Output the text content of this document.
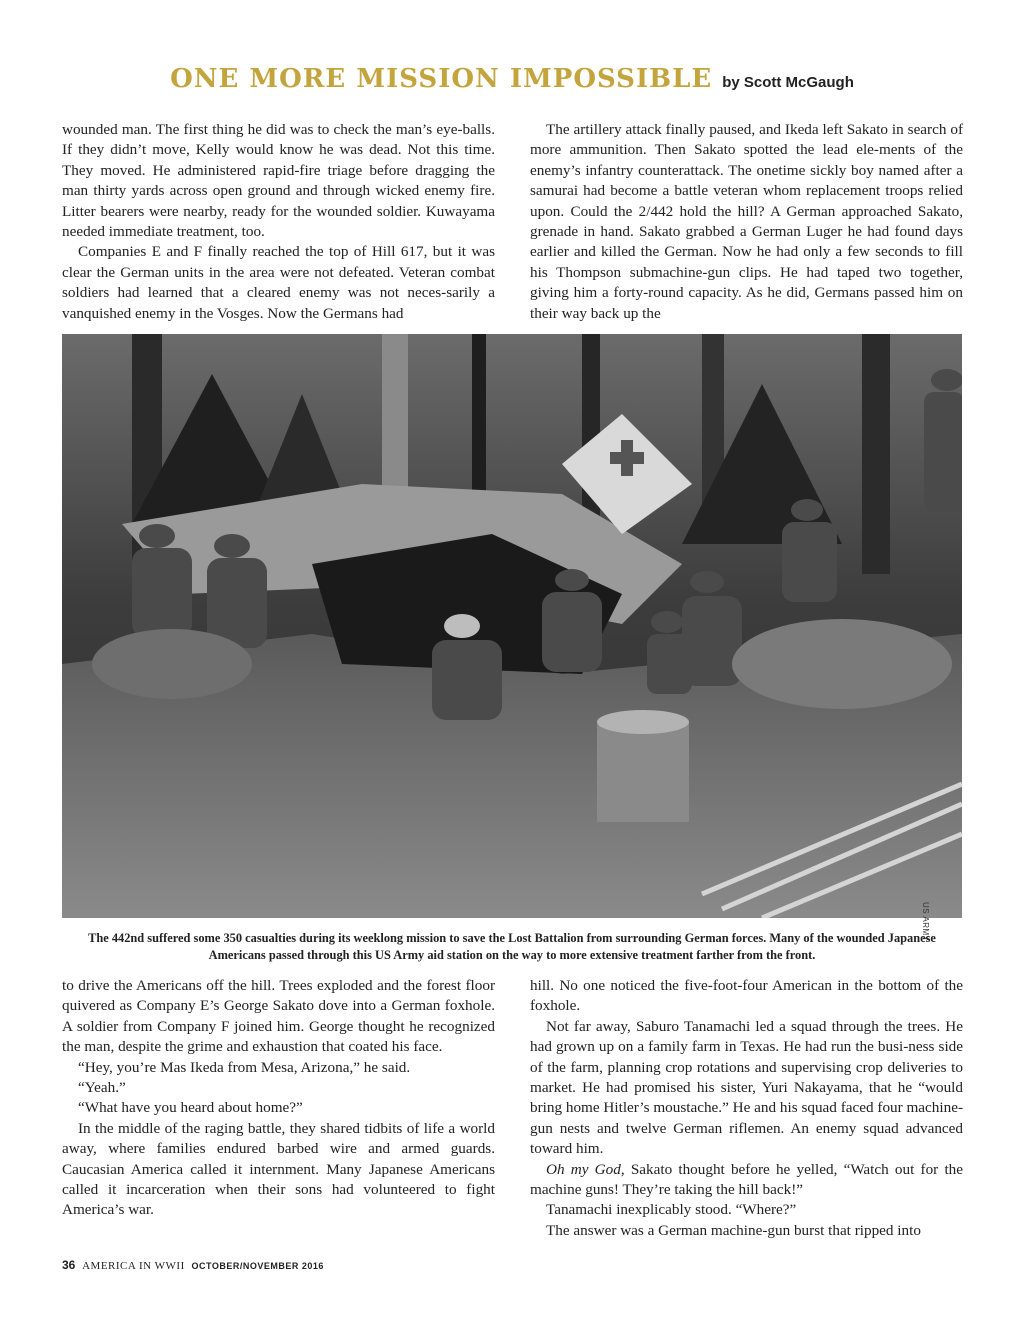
ONE MORE MISSION IMPOSSIBLE by Scott McGaugh

wounded man. The first thing he did was to check the man’s eye-balls. If they didn’t move, Kelly would know he was dead. Not this time. They moved. He administered rapid-fire triage before dragging the man thirty yards across open ground and through wicked enemy fire. Litter bearers were nearby, ready for the wounded soldier. Kuwayama needed immediate treatment, too.

Companies E and F finally reached the top of Hill 617, but it was clear the German units in the area were not defeated. Veteran combat soldiers had learned that a cleared enemy was not neces-sarily a vanquished enemy in the Vosges. Now the Germans had

The artillery attack finally paused, and Ikeda left Sakato in search of more ammunition. Then Sakato spotted the lead ele-ments of the enemy’s infantry counterattack. The onetime sickly boy named after a samurai had become a battle veteran whom replacement troops relied upon. Could the 2/442 hold the hill? A German approached Sakato, grenade in hand. Sakato grabbed a German Luger he had found days earlier and killed the German. Now he had only a few seconds to fill his Thompson submachine-gun clips. He had taped two together, giving him a forty-round capacity. As he did, Germans passed him on their way back up the

US ARMY
The 442nd suffered some 350 casualties during its weeklong mission to save the Lost Battalion from surrounding German forces. Many of the wounded Japanese Americans passed through this US Army aid station on the way to more extensive treatment farther from the front.

to drive the Americans off the hill. Trees exploded and the forest floor quivered as Company E’s George Sakato dove into a German foxhole. A soldier from Company F joined him. George thought he recognized the man, despite the grime and exhaustion that coated his face.

“Hey, you’re Mas Ikeda from Mesa, Arizona,” he said.

“Yeah.”

“What have you heard about home?”

In the middle of the raging battle, they shared tidbits of life a world away, where families endured barbed wire and armed guards. Caucasian America called it internment. Many Japanese Americans called it incarceration when their sons had volunteered to fight America’s war.

hill. No one noticed the five-foot-four American in the bottom of the foxhole.

Not far away, Saburo Tanamachi led a squad through the trees. He had grown up on a family farm in Texas. He had run the busi-ness side of the farm, planning crop rotations and supervising crop deliveries to market. He had promised his sister, Yuri Nakayama, that he “would bring home Hitler’s moustache.” He and his squad faced four machine-gun nests and twelve German riflemen. An enemy squad advanced toward him.

Oh my God, Sakato thought before he yelled, “Watch out for the machine guns! They’re taking the hill back!”

Tanamachi inexplicably stood. “Where?”

The answer was a German machine-gun burst that ripped into

36 AMERICA IN WWII OCTOBER/NOVEMBER 2016
